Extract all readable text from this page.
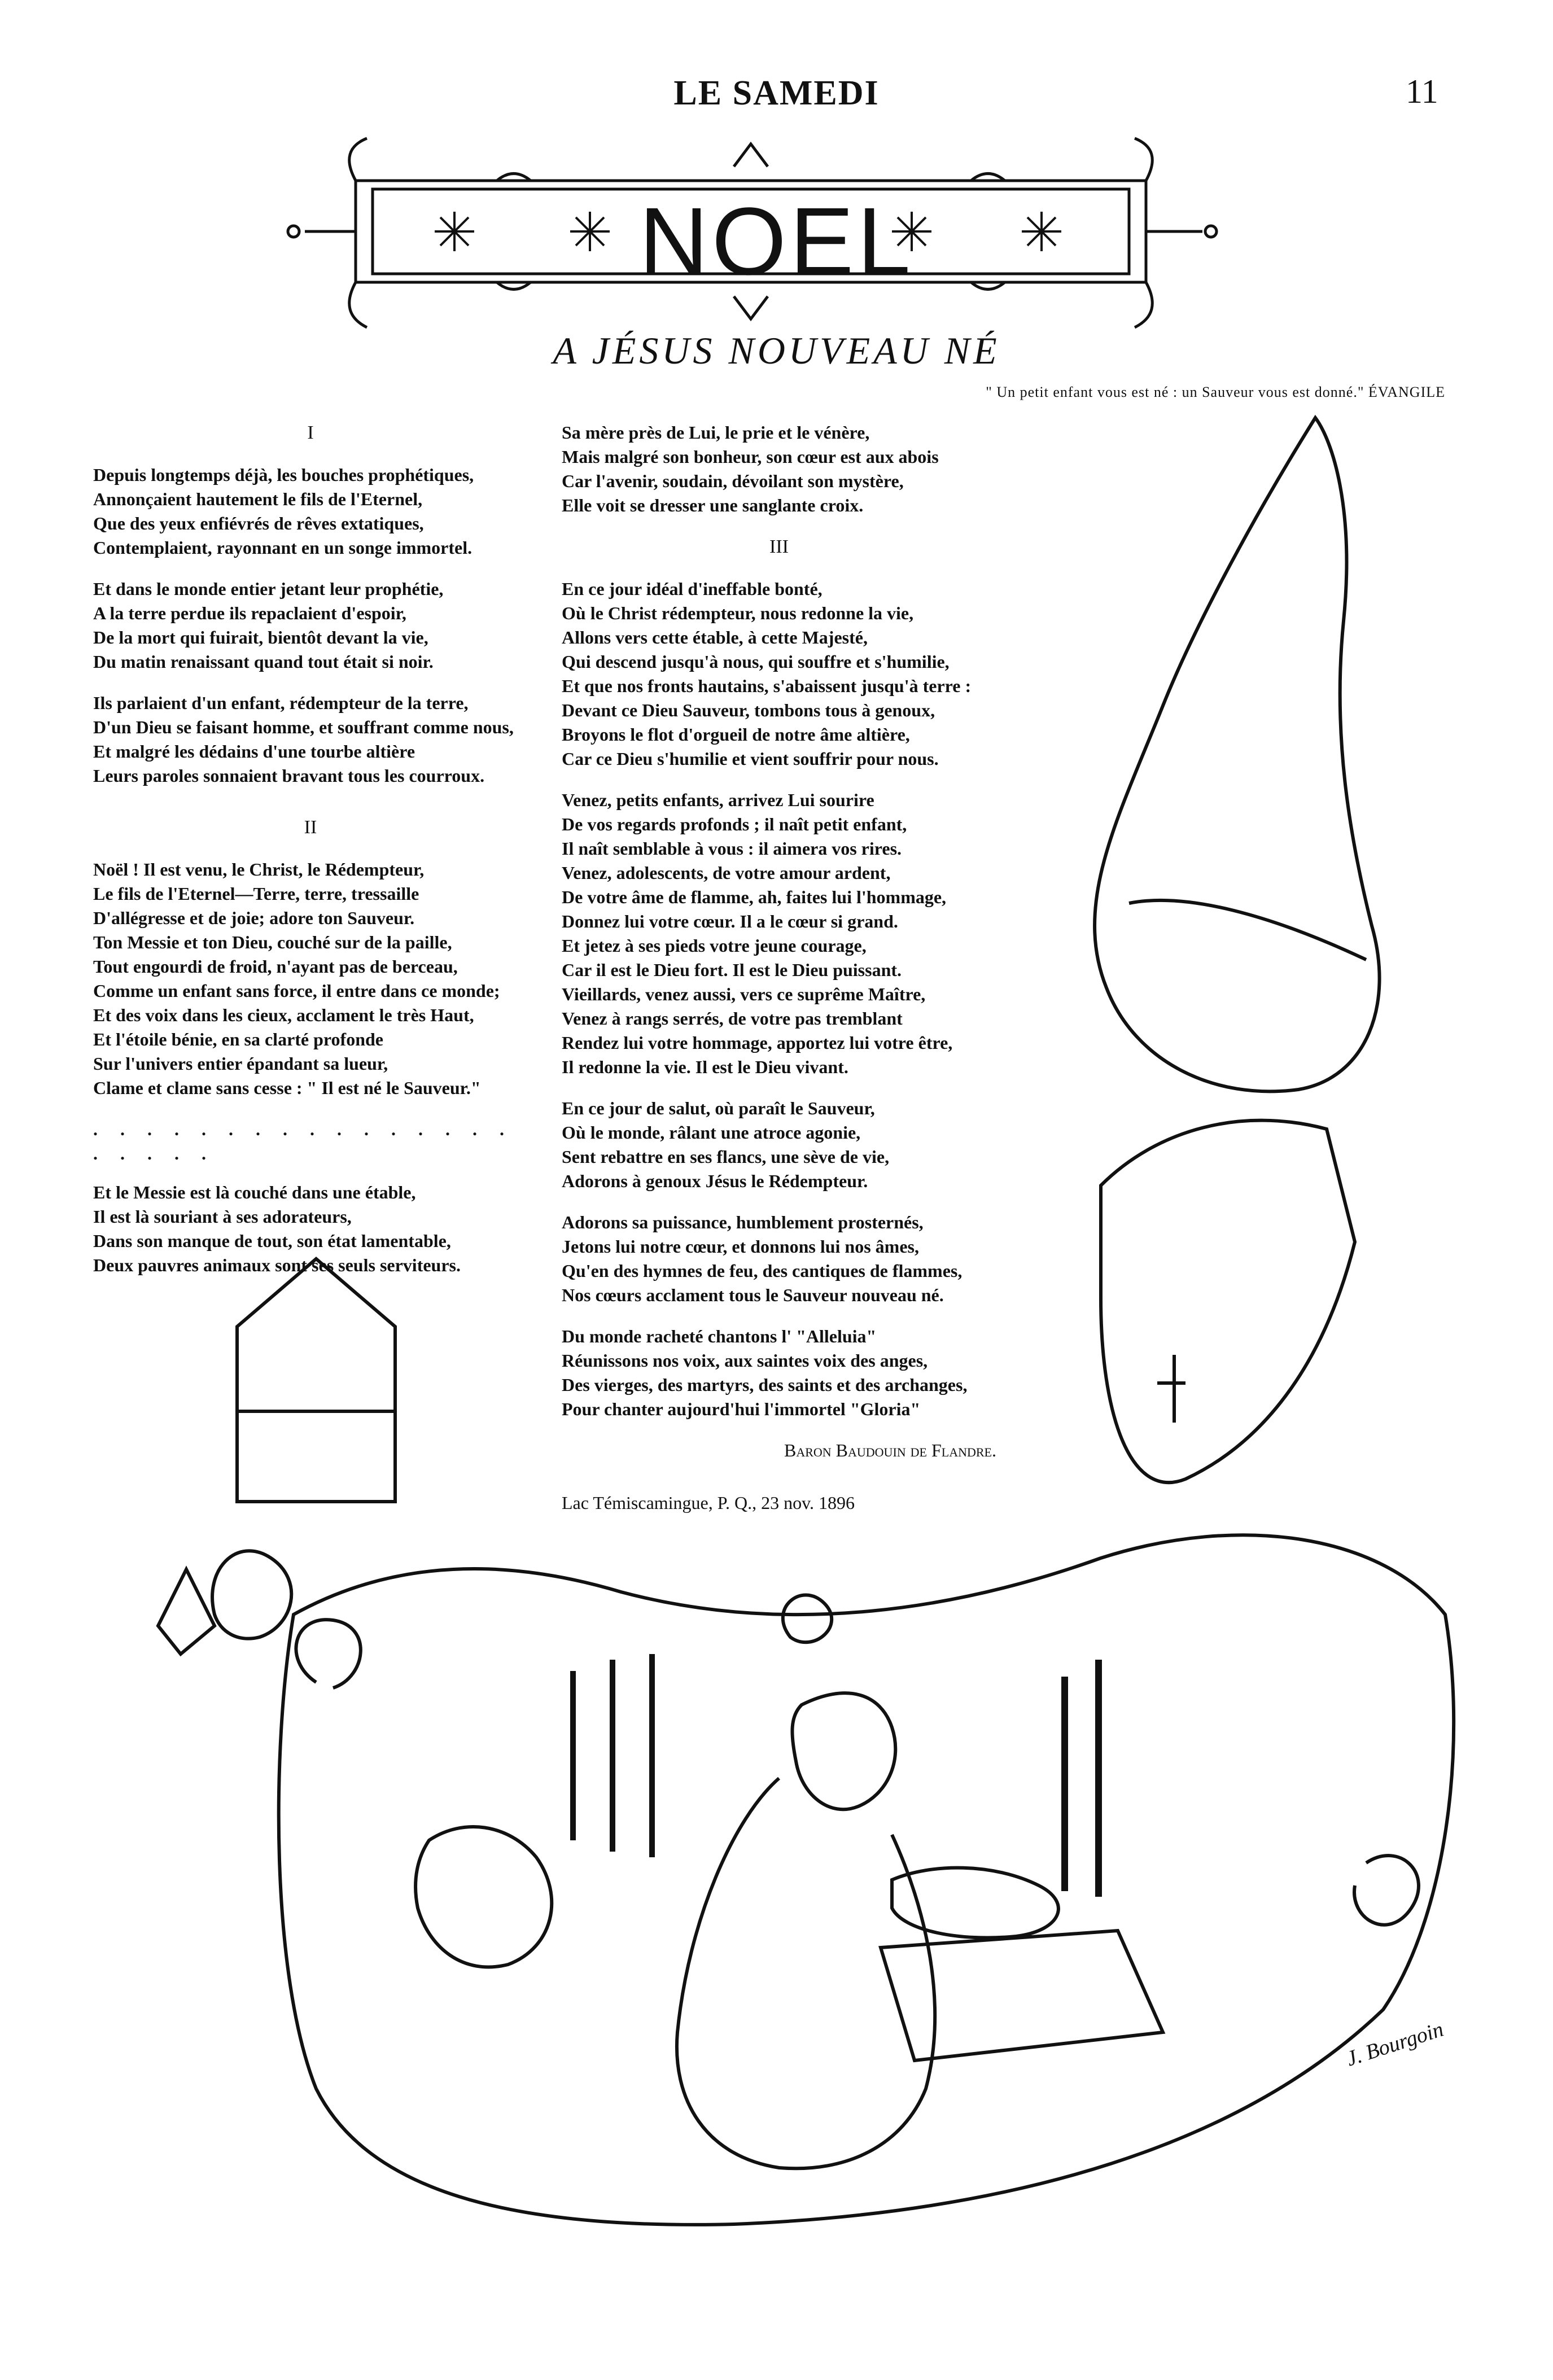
LE SAMEDI	11
NOEL
A JÉSUS NOUVEAU NÉ
" Un petit enfant vous est né : un Sauveur vous est donné." ÉVANGILE
I
Depuis longtemps déjà, les bouches prophétiques,
Annonçaient hautement le fils de l'Eternel,
Que des yeux enfiévrés de rêves extatiques,
Contemplaient, rayonnant en un songe immortel.
Et dans le monde entier jetant leur prophétie,
A la terre perdue ils repaclaient d'espoir,
De la mort qui fuirait, bientôt devant la vie,
Du matin renaissant quand tout était si noir.
Ils parlaient d'un enfant, rédempteur de la terre,
D'un Dieu se faisant homme, et souffrant comme nous,
Et malgré les dédains d'une tourbe altière
Leurs paroles sonnaient bravant tous les courroux.
II
Noël ! Il est venu, le Christ, le Rédempteur,
Le fils de l'Eternel—Terre, terre, tressaille
D'allégresse et de joie; adore ton Sauveur.
Ton Messie et ton Dieu, couché sur de la paille,
Tout engourdi de froid, n'ayant pas de berceau,
Comme un enfant sans force, il entre dans ce monde;
Et des voix dans les cieux, acclament le très Haut,
Et l'étoile bénie, en sa clarté profonde
Sur l'univers entier épandant sa lueur,
Clame et clame sans cesse : " Il est né le Sauveur."
. . . . . . . . . . . . . . . . . . . . .
Et le Messie est là couché dans une étable,
Il est là souriant à ses adorateurs,
Dans son manque de tout, son état lamentable,
Deux pauvres animaux sont ses seuls serviteurs.
Sa mère près de Lui, le prie et le vénère,
Mais malgré son bonheur, son cœur est aux abois
Car l'avenir, soudain, dévoilant son mystère,
Elle voit se dresser une sanglante croix.
III
En ce jour idéal d'ineffable bonté,
Où le Christ rédempteur, nous redonne la vie,
Allons vers cette étable, à cette Majesté,
Qui descend jusqu'à nous, qui souffre et s'humilie,
Et que nos fronts hautains, s'abaissent jusqu'à terre :
Devant ce Dieu Sauveur, tombons tous à genoux,
Broyons le flot d'orgueil de notre âme altière,
Car ce Dieu s'humilie et vient souffrir pour nous.
Venez, petits enfants, arrivez Lui sourire
De vos regards profonds ; il naît petit enfant,
Il naît semblable à vous : il aimera vos rires.
Venez, adolescents, de votre amour ardent,
De votre âme de flamme, ah, faites lui l'hommage,
Donnez lui votre cœur. Il a le cœur si grand.
Et jetez à ses pieds votre jeune courage,
Car il est le Dieu fort. Il est le Dieu puissant.
Vieillards, venez aussi, vers ce suprême Maître,
Venez à rangs serrés, de votre pas tremblant
Rendez lui votre hommage, apportez lui votre être,
Il redonne la vie. Il est le Dieu vivant.
En ce jour de salut, où paraît le Sauveur,
Où le monde, râlant une atroce agonie,
Sent rebattre en ses flancs, une sève de vie,
Adorons à genoux Jésus le Rédempteur.
Adorons sa puissance, humblement prosternés,
Jetons lui notre cœur, et donnons lui nos âmes,
Qu'en des hymnes de feu, des cantiques de flammes,
Nos cœurs acclament tous le Sauveur nouveau né.
Du monde racheté chantons l' "Alleluia"
Réunissons nos voix, aux saintes voix des anges,
Des vierges, des martyrs, des saints et des archanges,
Pour chanter aujourd'hui l'immortel "Gloria"
Baron Baudouin de Flandre.
Lac Témiscamingue, P. Q., 23 nov. 1896
J. Bourgoin
